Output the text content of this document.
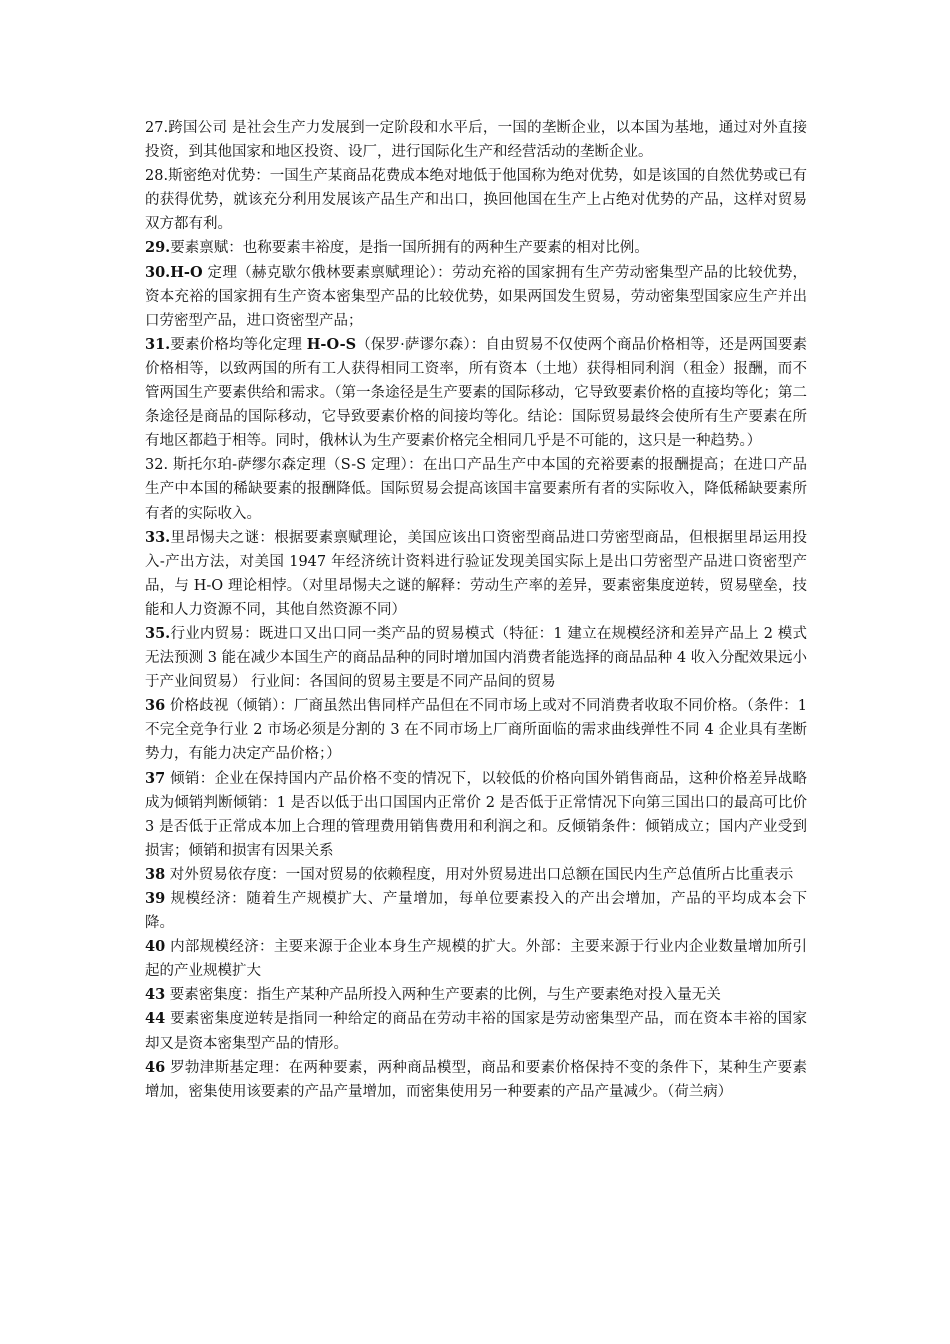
27.跨国公司 是社会生产力发展到一定阶段和水平后，一国的垄断企业，以本国为基地，通过对外直接投资，到其他国家和地区投资、设厂，进行国际化生产和经营活动的垄断企业。

28.斯密绝对优势：一国生产某商品花费成本绝对地低于他国称为绝对优势，如是该国的自然优势或已有的获得优势，就该充分利用发展该产品生产和出口，换回他国在生产上占绝对优势的产品，这样对贸易双方都有利。

29.要素禀赋：也称要素丰裕度，是指一国所拥有的两种生产要素的相对比例。

30.H-O 定理（赫克歇尔俄林要素禀赋理论）：劳动充裕的国家拥有生产劳动密集型产品的比较优势，资本充裕的国家拥有生产资本密集型产品的比较优势，如果两国发生贸易，劳动密集型国家应生产并出口劳密型产品，进口资密型产品；

31.要素价格均等化定理 H-O-S（保罗·萨谬尔森）：自由贸易不仅使两个商品价格相等，还是两国要素价格相等，以致两国的所有工人获得相同工资率，所有资本（土地）获得相同利润（租金）报酬，而不管两国生产要素供给和需求。（第一条途径是生产要素的国际移动，它导致要素价格的直接均等化；第二条途径是商品的国际移动，它导致要素价格的间接均等化。结论：国际贸易最终会使所有生产要素在所有地区都趋于相等。同时，俄林认为生产要素价格完全相同几乎是不可能的，这只是一种趋势。）

32. 斯托尔珀-萨缪尔森定理（S-S 定理）：在出口产品生产中本国的充裕要素的报酬提高；在进口产品生产中本国的稀缺要素的报酬降低。国际贸易会提高该国丰富要素所有者的实际收入，降低稀缺要素所有者的实际收入。

33.里昂惕夫之谜：根据要素禀赋理论，美国应该出口资密型商品进口劳密型商品，但根据里昂运用投入-产出方法，对美国 1947 年经济统计资料进行验证发现美国实际上是出口劳密型产品进口资密型产品，与 H-O 理论相悖。（对里昂惕夫之谜的解释：劳动生产率的差异，要素密集度逆转，贸易壁垒，技能和人力资源不同，其他自然资源不同）

35.行业内贸易：既进口又出口同一类产品的贸易模式（特征：1 建立在规模经济和差异产品上 2 模式无法预测 3 能在减少本国生产的商品品种的同时增加国内消费者能选择的商品品种 4 收入分配效果远小于产业间贸易） 行业间：各国间的贸易主要是不同产品间的贸易

36 价格歧视（倾销）：厂商虽然出售同样产品但在不同市场上或对不同消费者收取不同价格。（条件：1 不完全竞争行业 2 市场必须是分割的 3 在不同市场上厂商所面临的需求曲线弹性不同 4 企业具有垄断势力，有能力决定产品价格；）

37 倾销：企业在保持国内产品价格不变的情况下，以较低的价格向国外销售商品，这种价格差异战略成为倾销判断倾销：1 是否以低于出口国国内正常价 2 是否低于正常情况下向第三国出口的最高可比价 3 是否低于正常成本加上合理的管理费用销售费用和利润之和。反倾销条件：倾销成立；国内产业受到损害；倾销和损害有因果关系

38 对外贸易依存度：一国对贸易的依赖程度，用对外贸易进出口总额在国民内生产总值所占比重表示

39 规模经济：随着生产规模扩大、产量增加，每单位要素投入的产出会增加，产品的平均成本会下降。

40 内部规模经济：主要来源于企业本身生产规模的扩大。外部：主要来源于行业内企业数量增加所引起的产业规模扩大

43 要素密集度：指生产某种产品所投入两种生产要素的比例，与生产要素绝对投入量无关

44 要素密集度逆转是指同一种给定的商品在劳动丰裕的国家是劳动密集型产品，而在资本丰裕的国家却又是资本密集型产品的情形。

46 罗勃津斯基定理：在两种要素，两种商品模型，商品和要素价格保持不变的条件下，某种生产要素增加，密集使用该要素的产品产量增加，而密集使用另一种要素的产品产量减少。（荷兰病）
